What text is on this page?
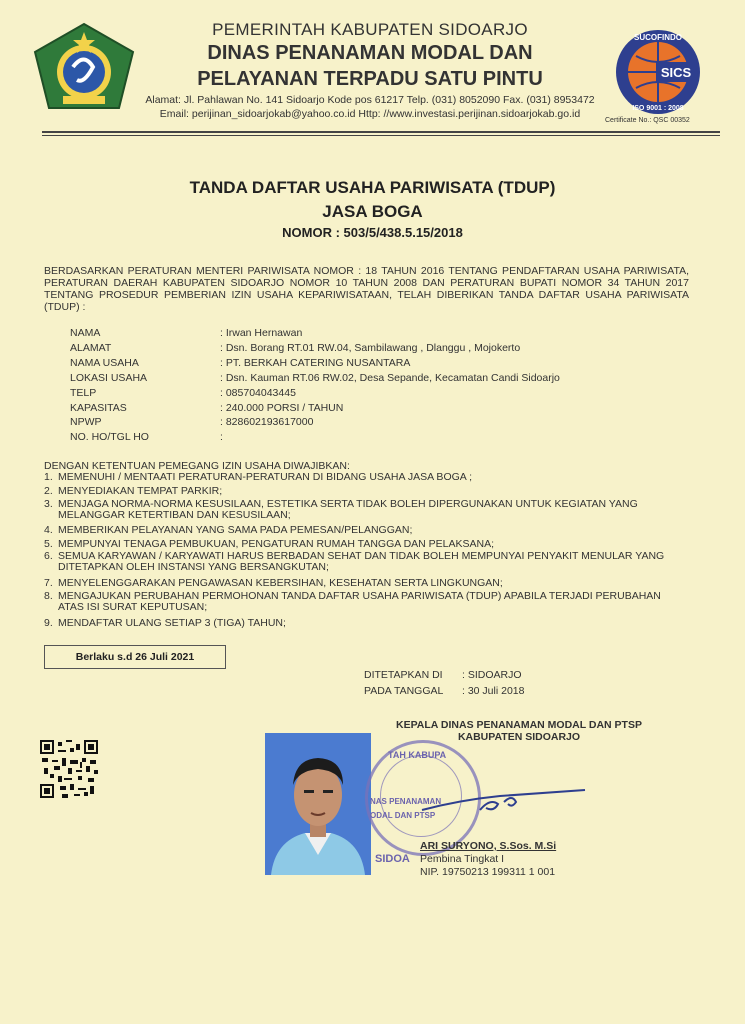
PEMERINTAH KABUPATEN SIDOARJO
DINAS PENANAMAN MODAL DAN
PELAYANAN TERPADU SATU PINTU
Alamat: Jl. Pahlawan No. 141 Sidoarjo Kode pos 61217 Telp. (031) 8052090 Fax. (031) 8953472
Email: perijinan_sidoarjokab@yahoo.co.id Http: //www.investasi.perijinan.sidoarjokab.go.id
SICS
SUCOFINDO
ISO 9001 : 2008
Certificate No.: QSC 00352
TANDA DAFTAR USAHA PARIWISATA (TDUP)
JASA BOGA
NOMOR : 503/5/438.5.15/2018
BERDASARKAN PERATURAN MENTERI PARIWISATA NOMOR : 18 TAHUN 2016 TENTANG PENDAFTARAN USAHA PARIWISATA, PERATURAN DAERAH KABUPATEN SIDOARJO NOMOR 10 TAHUN 2008 DAN PERATURAN BUPATI NOMOR 34 TAHUN 2017 TENTANG PROSEDUR PEMBERIAN IZIN USAHA KEPARIWISATAAN, TELAH DIBERIKAN TANDA DAFTAR USAHA PARIWISATA (TDUP) :
NAMA	: Irwan Hernawan
ALAMAT	: Dsn. Borang RT.01 RW.04, Sambilawang , Dlanggu , Mojokerto
NAMA USAHA	: PT. BERKAH CATERING NUSANTARA
LOKASI USAHA	: Dsn. Kauman RT.06 RW.02, Desa Sepande, Kecamatan Candi Sidoarjo
TELP	: 085704043445
KAPASITAS	: 240.000 PORSI / TAHUN
NPWP	: 828602193617000
NO. HO/TGL HO	:
DENGAN KETENTUAN PEMEGANG IZIN USAHA DIWAJIBKAN:
1. MEMENUHI / MENTAATI PERATURAN-PERATURAN DI BIDANG USAHA JASA BOGA ;
2. MENYEDIAKAN TEMPAT PARKIR;
3. MENJAGA NORMA-NORMA KESUSILAAN, ESTETIKA SERTA TIDAK BOLEH DIPERGUNAKAN UNTUK KEGIATAN YANG MELANGGAR KETERTIBAN DAN KESUSILAAN;
4. MEMBERIKAN PELAYANAN YANG SAMA PADA PEMESAN/PELANGGAN;
5. MEMPUNYAI TENAGA PEMBUKUAN, PENGATURAN RUMAH TANGGA DAN PELAKSANA;
6. SEMUA KARYAWAN / KARYAWATI HARUS BERBADAN SEHAT DAN TIDAK BOLEH MEMPUNYAI PENYAKIT MENULAR YANG DITETAPKAN OLEH INSTANSI YANG BERSANGKUTAN;
7. MENYELENGGARAKAN PENGAWASAN KEBERSIHAN, KESEHATAN SERTA LINGKUNGAN;
8. MENGAJUKAN PERUBAHAN PERMOHONAN TANDA DAFTAR USAHA PARIWISATA (TDUP) APABILA TERJADI PERUBAHAN ATAS ISI SURAT KEPUTUSAN;
9. MENDAFTAR ULANG SETIAP 3 (TIGA) TAHUN;
Berlaku s.d 26 Juli 2021
DITETAPKAN DI : SIDOARJO
PADA TANGGAL : 30 Juli 2018
KEPALA DINAS PENANAMAN MODAL DAN PTSP
KABUPATEN SIDOARJO
TAH KABUPA
NAS PENANAMAN
ODAL DAN PTSP
SIDOA
ARI SURYONO, S.Sos. M.Si
Pembina Tingkat I
NIP. 19750213 199311 1 001
